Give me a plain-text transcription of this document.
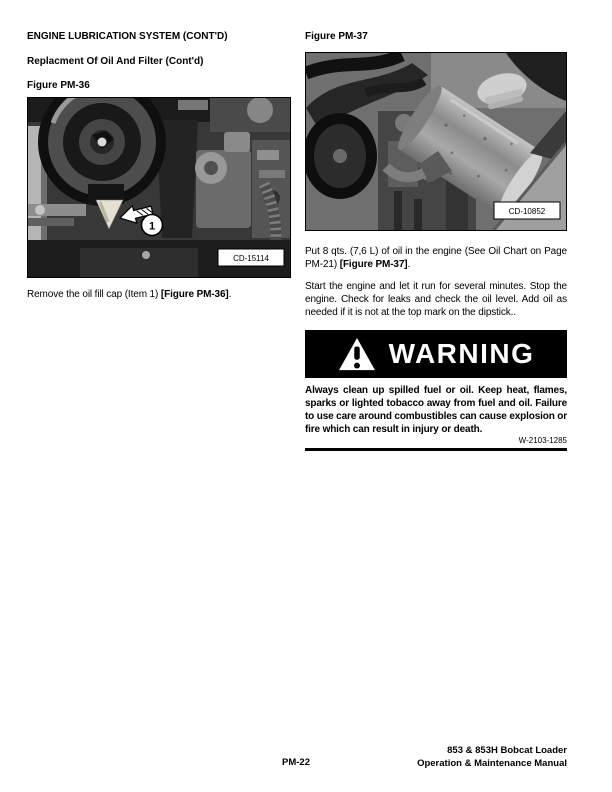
ENGINE LUBRICATION SYSTEM (CONT'D)
Replacment Of Oil And Filter (Cont'd)
Figure PM-36
1
CD-15114

Remove the oil fill cap (Item 1) [Figure PM-36].

Figure PM-37
CD-10852

Put 8 qts. (7,6 L) of oil in the engine (See Oil Chart on Page PM-21) [Figure PM-37].

Start the engine and let it run for several minutes. Stop the engine. Check for leaks and check the oil level. Add oil as needed if it is not at the top mark on the dipstick..

WARNING

Always clean up spilled fuel or oil. Keep heat, flames, sparks or lighted tobacco away from fuel and oil. Failure to use care around combustibles can cause explosion or fire which can result in injury or death.

W-2103-1285
853 & 853H Bobcat Loader
Operation & Maintenance Manual
PM-22
